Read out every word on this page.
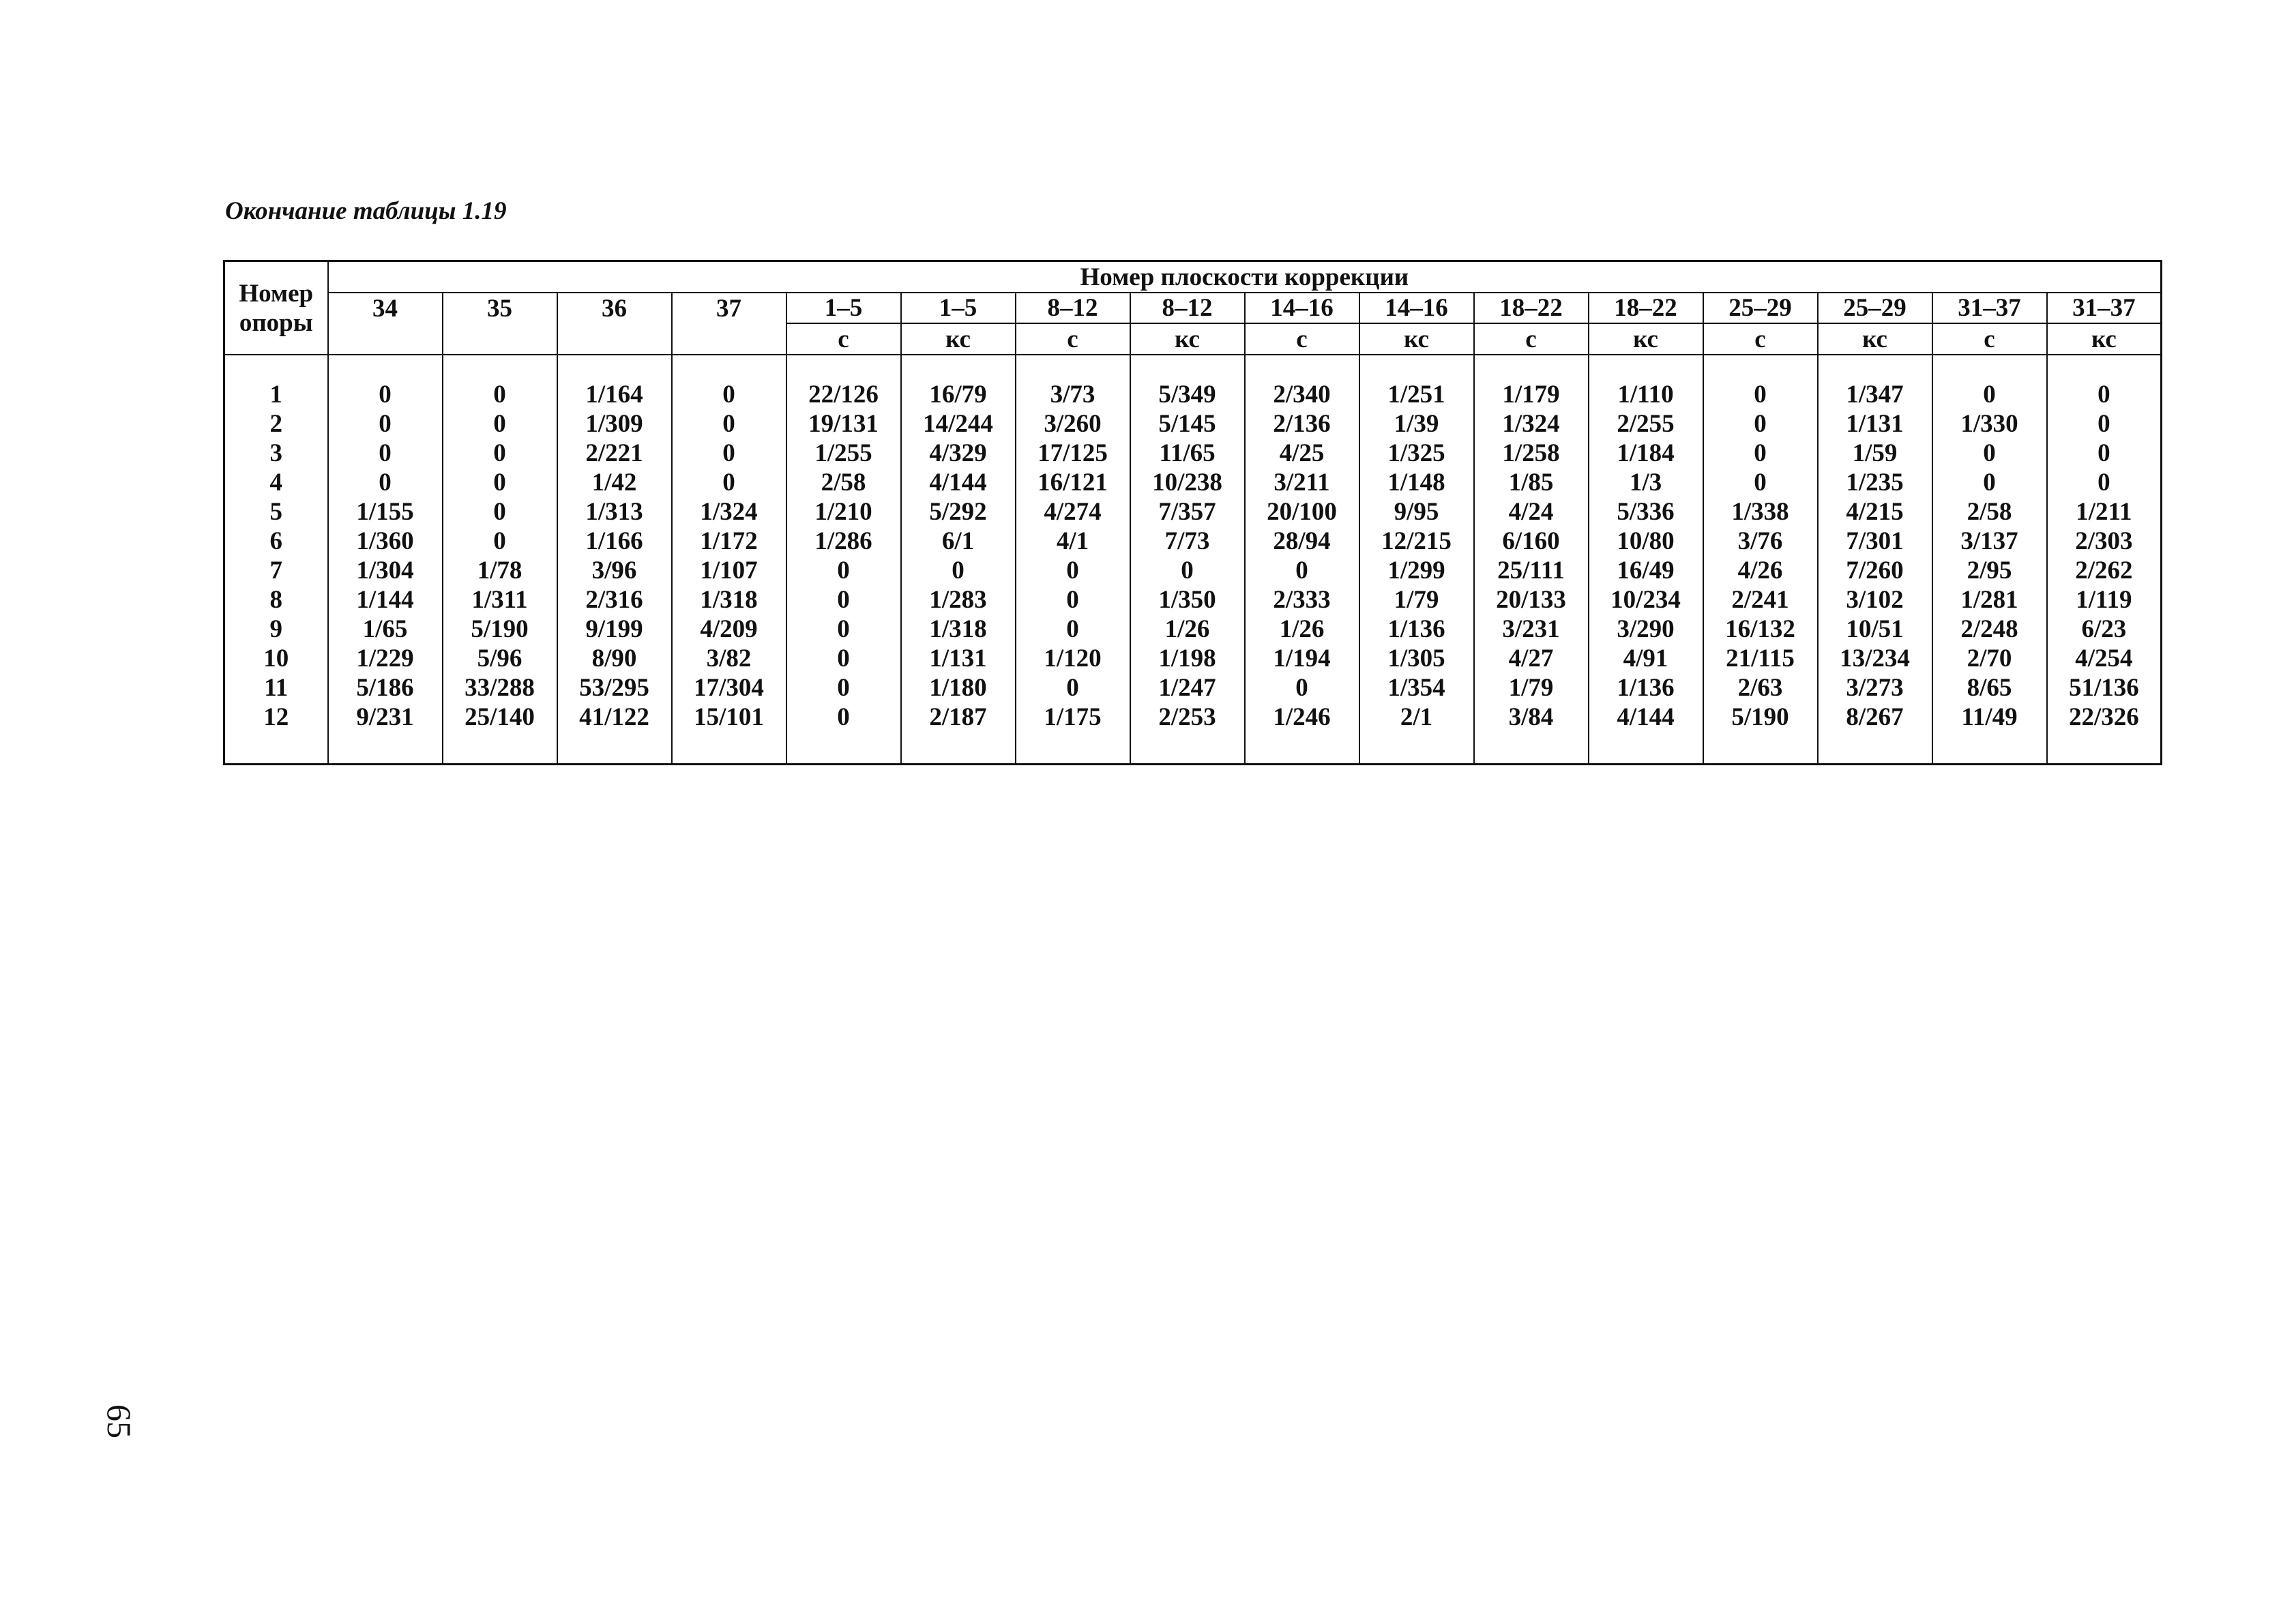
Окончание таблицы 1.19
Номер
опоры	Номер плоскости коррекции															
	34	35	36	37	1–5	1–5	8–12	8–12	14–16	14–16	18–22	18–22	25–29	25–29	31–37	31–37
					с	кс	с	кс	с	кс	с	кс	с	кс	с	кс

1	0	0	1/164	0	22/126	16/79	3/73	5/349	2/340	1/251	1/179	1/110	0	1/347	0	0
2	0	0	1/309	0	19/131	14/244	3/260	5/145	2/136	1/39	1/324	2/255	0	1/131	1/330	0
3	0	0	2/221	0	1/255	4/329	17/125	11/65	4/25	1/325	1/258	1/184	0	1/59	0	0
4	0	0	1/42	0	2/58	4/144	16/121	10/238	3/211	1/148	1/85	1/3	0	1/235	0	0
5	1/155	0	1/313	1/324	1/210	5/292	4/274	7/357	20/100	9/95	4/24	5/336	1/338	4/215	2/58	1/211
6	1/360	0	1/166	1/172	1/286	6/1	4/1	7/73	28/94	12/215	6/160	10/80	3/76	7/301	3/137	2/303
7	1/304	1/78	3/96	1/107	0	0	0	0	0	1/299	25/111	16/49	4/26	7/260	2/95	2/262
8	1/144	1/311	2/316	1/318	0	1/283	0	1/350	2/333	1/79	20/133	10/234	2/241	3/102	1/281	1/119
9	1/65	5/190	9/199	4/209	0	1/318	0	1/26	1/26	1/136	3/231	3/290	16/132	10/51	2/248	6/23
10	1/229	5/96	8/90	3/82	0	1/131	1/120	1/198	1/194	1/305	4/27	4/91	21/115	13/234	2/70	4/254
11	5/186	33/288	53/295	17/304	0	1/180	0	1/247	0	1/354	1/79	1/136	2/63	3/273	8/65	51/136
12	9/231	25/140	41/122	15/101	0	2/187	1/175	2/253	1/246	2/1	3/84	4/144	5/190	8/267	11/49	22/326

65
